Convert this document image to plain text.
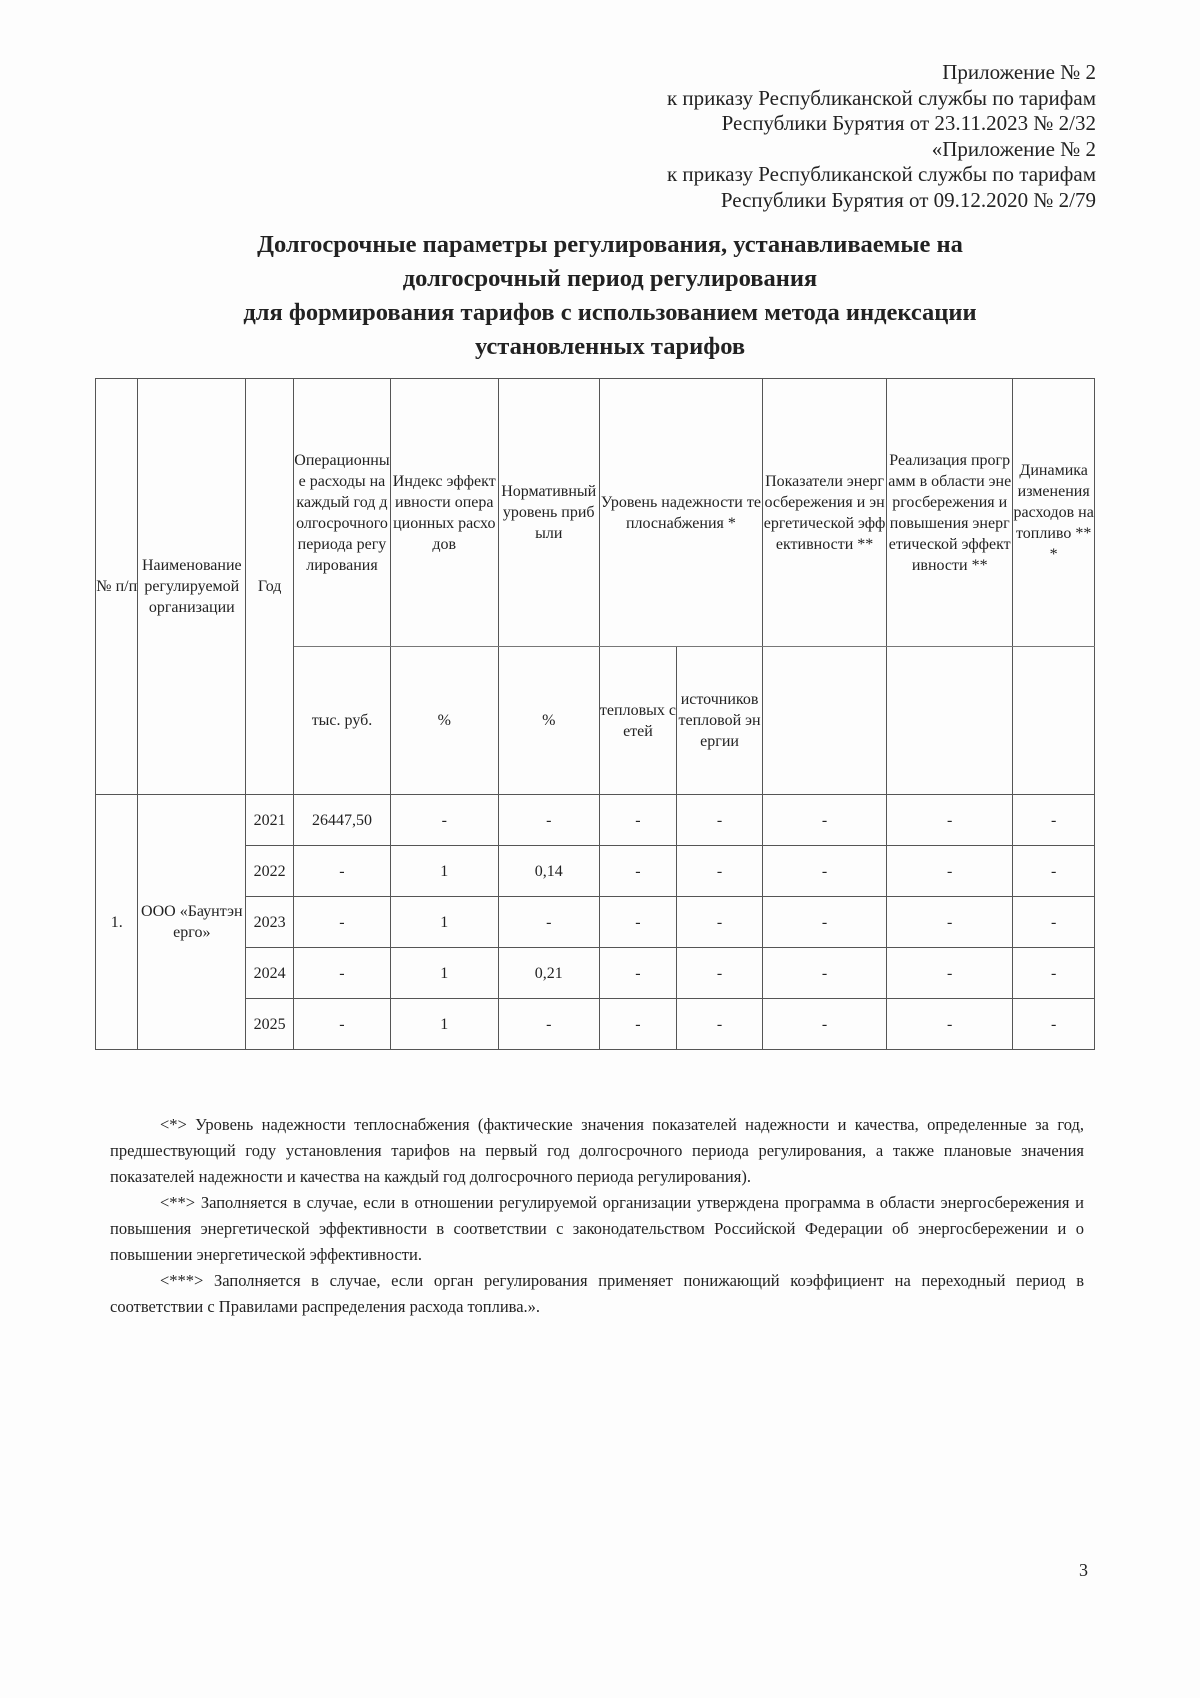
Приложение № 2
к приказу Республиканской службы по тарифам
Республики Бурятия от 23.11.2023 № 2/32
«Приложение № 2
к приказу Республиканской службы по тарифам
Республики Бурятия от 09.12.2020 № 2/79
Долгосрочные параметры регулирования, устанавливаемые на
долгосрочный период регулирования
для формирования тарифов с использованием метода индексации
установленных тарифов
№ п/п	Наименование регулируемой организации	Год	Операционные расходы на каждый год долгосрочного периода регулирования	Индекс эффективности операционных расходов	Нормативный уровень прибыли	Уровень надежности теплоснабжения *		Показатели энергосбережения и энергетической эффективности **	Реализация программ в области энергосбережения и повышения энергетической эффективности **	Динамика изменения расходов на топливо ***
			тыс. руб.	%	%	тепловых сетей	источников тепловой энергии			
1.	ООО «Баунтэнерго»	2021	26447,50	-	-	-	-	-	-	-
		2022	-	1	0,14	-	-	-	-	-
		2023	-	1	-	-	-	-	-	-
		2024	-	1	0,21	-	-	-	-	-
		2025	-	1	-	-	-	-	-	-

<*> Уровень надежности теплоснабжения (фактические значения показателей надежности и качества, определенные за год, предшествующий году установления тарифов на первый год долгосрочного периода регулирования, а также плановые значения показателей надежности и качества на каждый год долгосрочного периода регулирования).

<**> Заполняется в случае, если в отношении регулируемой организации утверждена программа в области энергосбережения и повышения энергетической эффективности в соответствии с законодательством Российской Федерации об энергосбережении и о повышении энергетической эффективности.

<***> Заполняется в случае, если орган регулирования применяет понижающий коэффициент на переходный период в соответствии с Правилами распределения расхода топлива.».

3
